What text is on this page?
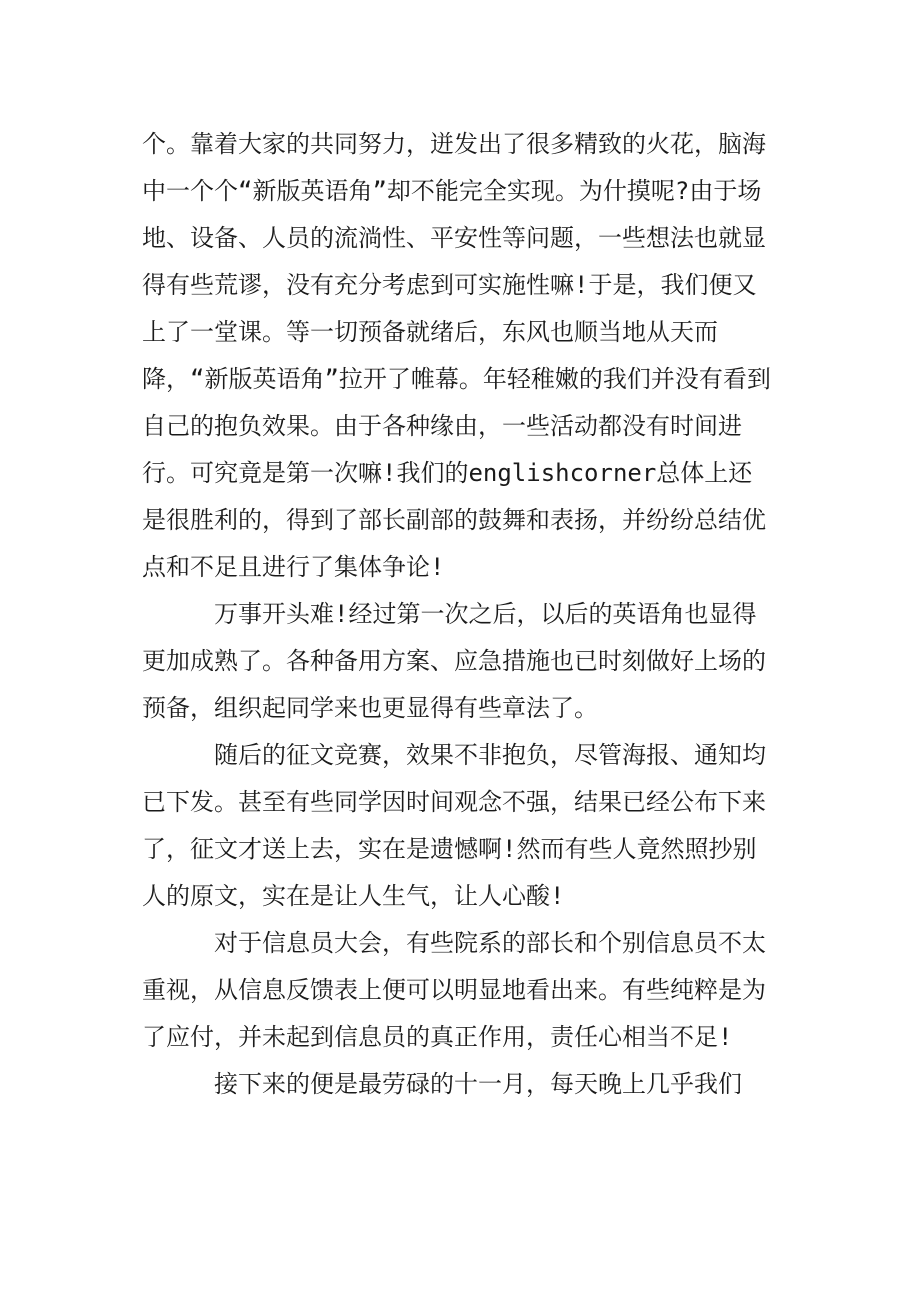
个。靠着大家的共同努力，迸发出了很多精致的火花，脑海中一个个“新版英语角”却不能完全实现。为什摸呢?由于场地、设备、人员的流淌性、平安性等问题，一些想法也就显得有些荒谬，没有充分考虑到可实施性嘛!于是，我们便又上了一堂课。等一切预备就绪后，东风也顺当地从天而降，“新版英语角”拉开了帷幕。年轻稚嫩的我们并没有看到自己的抱负效果。由于各种缘由，一些活动都没有时间进行。可究竟是第一次嘛!我们的englishcorner总体上还是很胜利的，得到了部长副部的鼓舞和表扬，并纷纷总结优点和不足且进行了集体争论!

万事开头难!经过第一次之后，以后的英语角也显得更加成熟了。各种备用方案、应急措施也已时刻做好上场的预备，组织起同学来也更显得有些章法了。

随后的征文竞赛，效果不非抱负，尽管海报、通知均已下发。甚至有些同学因时间观念不强，结果已经公布下来了，征文才送上去，实在是遗憾啊!然而有些人竟然照抄别人的原文，实在是让人生气，让人心酸!

对于信息员大会，有些院系的部长和个别信息员不太重视，从信息反馈表上便可以明显地看出来。有些纯粹是为了应付，并未起到信息员的真正作用，责任心相当不足!

接下来的便是最劳碌的十一月，每天晚上几乎我们
